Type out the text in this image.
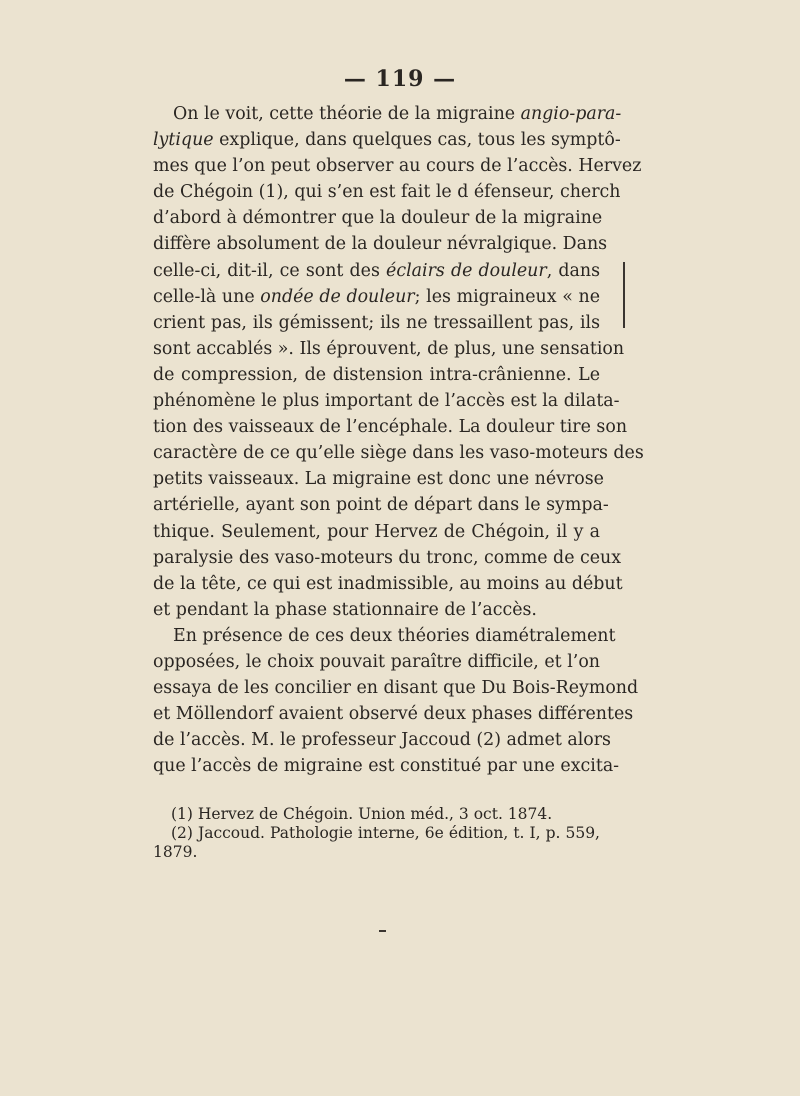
— 119 —
On le voit, cette théorie de la migraine angio-para-
lytique explique, dans quelques cas, tous les symptô-
mes que l’on peut observer au cours de l’accès. Hervez
de Chégoin (1), qui s’en est fait le d éfenseur, cherch
d’abord à démontrer que la douleur de la migraine
diffère absolument de la douleur névralgique. Dans
celle-ci, dit-il, ce sont des éclairs de douleur, dans
celle-là une ondée de douleur; les migraineux « ne
crient pas, ils gémissent; ils ne tressaillent pas, ils
sont accablés ». Ils éprouvent, de plus, une sensation
de compression, de distension intra-crânienne. Le
phénomène le plus important de l’accès est la dilata-
tion des vaisseaux de l’encéphale. La douleur tire son
caractère de ce qu’elle siège dans les vaso-moteurs des
petits vaisseaux. La migraine est donc une névrose
artérielle, ayant son point de départ dans le sympa-
thique. Seulement, pour Hervez de Chégoin, il y a
paralysie des vaso-moteurs du tronc, comme de ceux
de la tête, ce qui est inadmissible, au moins au début
et pendant la phase stationnaire de l’accès.
En présence de ces deux théories diamétralement
opposées, le choix pouvait paraître difficile, et l’on
essaya de les concilier en disant que Du Bois-Reymond
et Möllendorf avaient observé deux phases différentes
de l’accès. M. le professeur Jaccoud (2) admet alors
que l’accès de migraine est constitué par une excita-
(1) Hervez de Chégoin. Union méd., 3 oct. 1874.
(2) Jaccoud. Pathologie interne, 6e édition, t. I, p. 559,
1879.
